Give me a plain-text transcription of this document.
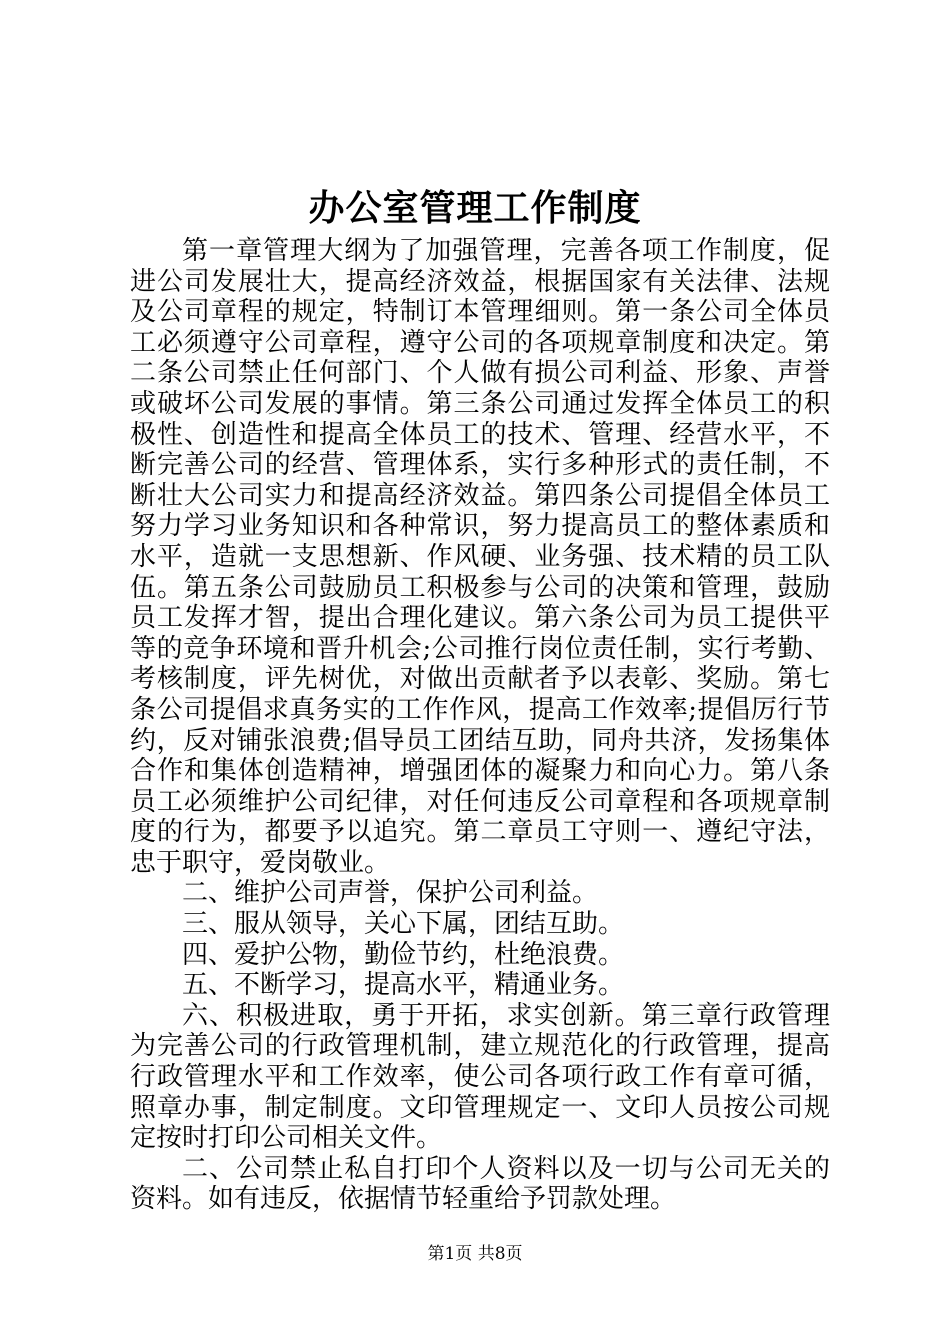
办公室管理工作制度

第一章管理大纲为了加强管理，完善各项工作制度，促进公司发展壮大，提高经济效益，根据国家有关法律、法规及公司章程的规定，特制订本管理细则。第一条公司全体员工必须遵守公司章程，遵守公司的各项规章制度和决定。第二条公司禁止任何部门、个人做有损公司利益、形象、声誉或破坏公司发展的事情。第三条公司通过发挥全体员工的积极性、创造性和提高全体员工的技术、管理、经营水平，不断完善公司的经营、管理体系，实行多种形式的责任制，不断壮大公司实力和提高经济效益。第四条公司提倡全体员工努力学习业务知识和各种常识，努力提高员工的整体素质和水平，造就一支思想新、作风硬、业务强、技术精的员工队伍。第五条公司鼓励员工积极参与公司的决策和管理，鼓励员工发挥才智，提出合理化建议。第六条公司为员工提供平等的竞争环境和晋升机会;公司推行岗位责任制，实行考勤、考核制度，评先树优，对做出贡献者予以表彰、奖励。第七条公司提倡求真务实的工作作风，提高工作效率;提倡厉行节约，反对铺张浪费;倡导员工团结互助，同舟共济，发扬集体合作和集体创造精神，增强团体的凝聚力和向心力。第八条员工必须维护公司纪律，对任何违反公司章程和各项规章制度的行为，都要予以追究。第二章员工守则一、遵纪守法，忠于职守，爱岗敬业。

二、维护公司声誉，保护公司利益。

三、服从领导，关心下属，团结互助。

四、爱护公物，勤俭节约，杜绝浪费。

五、不断学习，提高水平，精通业务。

六、积极进取，勇于开拓，求实创新。第三章行政管理为完善公司的行政管理机制，建立规范化的行政管理，提高行政管理水平和工作效率，使公司各项行政工作有章可循，照章办事，制定制度。文印管理规定一、文印人员按公司规定按时打印公司相关文件。

二、公司禁止私自打印个人资料以及一切与公司无关的资料。如有违反，依据情节轻重给予罚款处理。

第1页 共8页
